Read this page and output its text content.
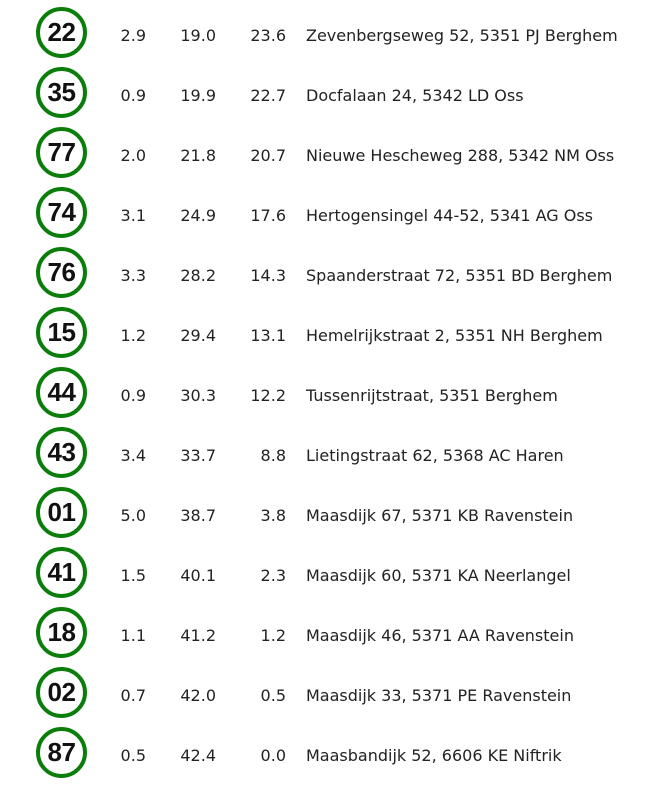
22	2.9	19.0	23.6 Zevenbergseweg 52, 5351 PJ Berghem
35	0.9	19.9	22.7 Docfalaan 24, 5342 LD Oss
77	2.0	21.8	20.7 Nieuwe Hescheweg 288, 5342 NM Oss
74	3.1	24.9	17.6 Hertogensingel 44-52, 5341 AG Oss
76	3.3	28.2	14.3 Spaanderstraat 72, 5351 BD Berghem
15	1.2	29.4	13.1 Hemelrijkstraat 2, 5351 NH Berghem
44	0.9	30.3	12.2 Tussenrijtstraat, 5351 Berghem
43	3.4	33.7	8.8 Lietingstraat 62, 5368 AC Haren
01	5.0	38.7	3.8 Maasdijk 67, 5371 KB Ravenstein
41	1.5	40.1	2.3 Maasdijk 60, 5371 KA Neerlangel
18	1.1	41.2	1.2 Maasdijk 46, 5371 AA Ravenstein
02	0.7	42.0	0.5 Maasdijk 33, 5371 PE Ravenstein
87	0.5	42.4	0.0 Maasbandijk 52, 6606 KE Niftrik
